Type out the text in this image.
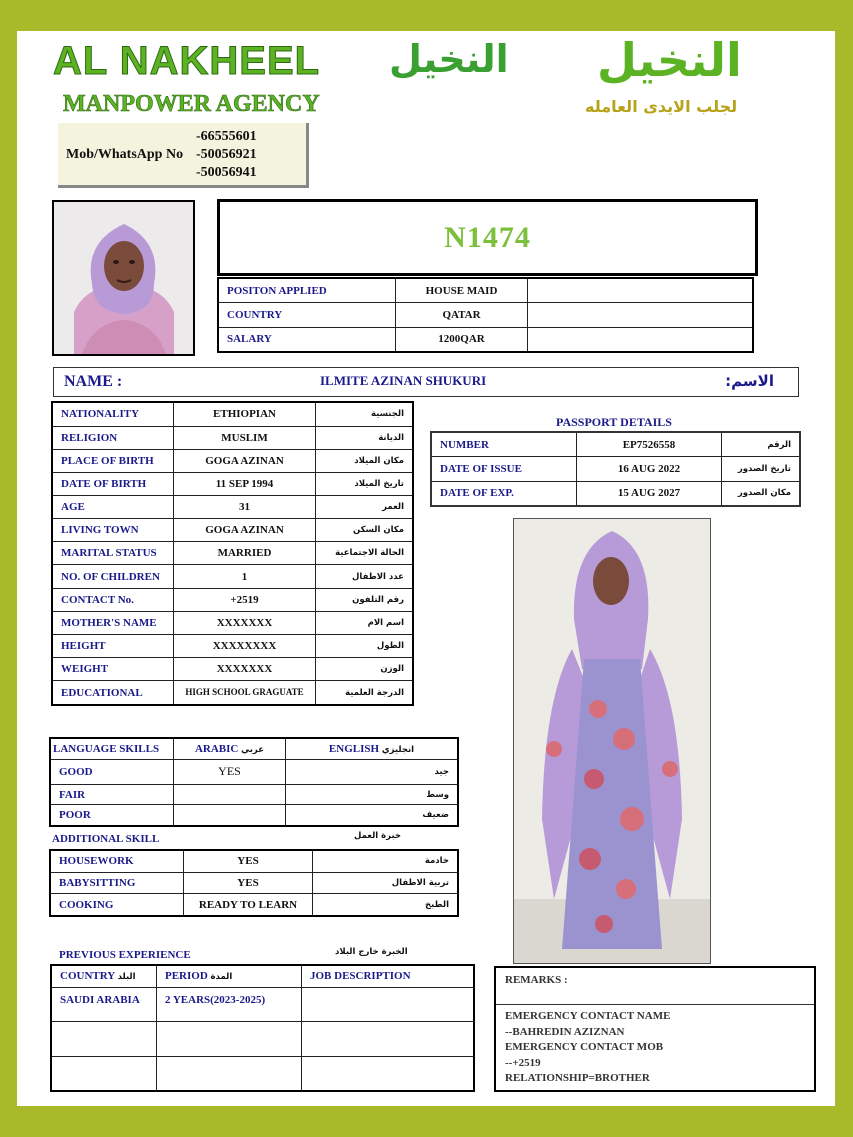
AL NAKHEEL
MANPOWER AGENCY
Mob/WhatsApp No
-66555601
-50056921
-50056941
النخيل النخيل
لجلب الايدى العامله
N1474
POSITON APPLIED	HOUSE MAID	
COUNTRY	QATAR	
SALARY	1200QAR	
NAME :	ILMITE AZINAN SHUKURI	الاسم:
NATIONALITY	ETHIOPIAN	الجنسية
RELIGION	MUSLIM	الديانة
PLACE OF BIRTH	GOGA AZINAN	مكان الميلاد
DATE OF BIRTH	11 SEP 1994	تاريخ الميلاد
AGE	31	العمر
LIVING TOWN	GOGA AZINAN	مكان السكن
MARITAL STATUS	MARRIED	الحالة الاجتماعية
NO. OF CHILDREN	1	عدد الاطفال
CONTACT No.	+2519	رقم التلفون
MOTHER'S NAME	XXXXXXX	اسم الام
HEIGHT	XXXXXXXX	الطول
WEIGHT	XXXXXXX	الوزن
EDUCATIONAL	HIGH SCHOOL GRAGUATE	الدرجة العلمية
PASSPORT DETAILS
NUMBER	EP7526558	الرقم
DATE OF ISSUE	16 AUG 2022	تاريخ الصدور
DATE OF EXP.	15 AUG 2027	مكان الصدور
LANGUAGE SKILLS	ARABIC عربي	ENGLISH انجليزي
GOOD	YES	جيد
FAIR		وسط
POOR		ضعيف
ADDITIONAL SKILL	خبرة العمل
HOUSEWORK	YES	خادمة
BABYSITTING	YES	تربية الاطفال
COOKING	READY TO LEARN	الطبخ
PREVIOUS EXPERIENCE	الخبرة خارج البلاد
COUNTRY البلد	PERIOD المدة	JOB DESCRIPTION
SAUDI ARABIA	2 YEARS(2023-2025)	

REMARKS :
EMERGENCY CONTACT NAME
--BAHREDIN AZIZNAN
EMERGENCY CONTACT MOB
--+2519
RELATIONSHIP=BROTHER
